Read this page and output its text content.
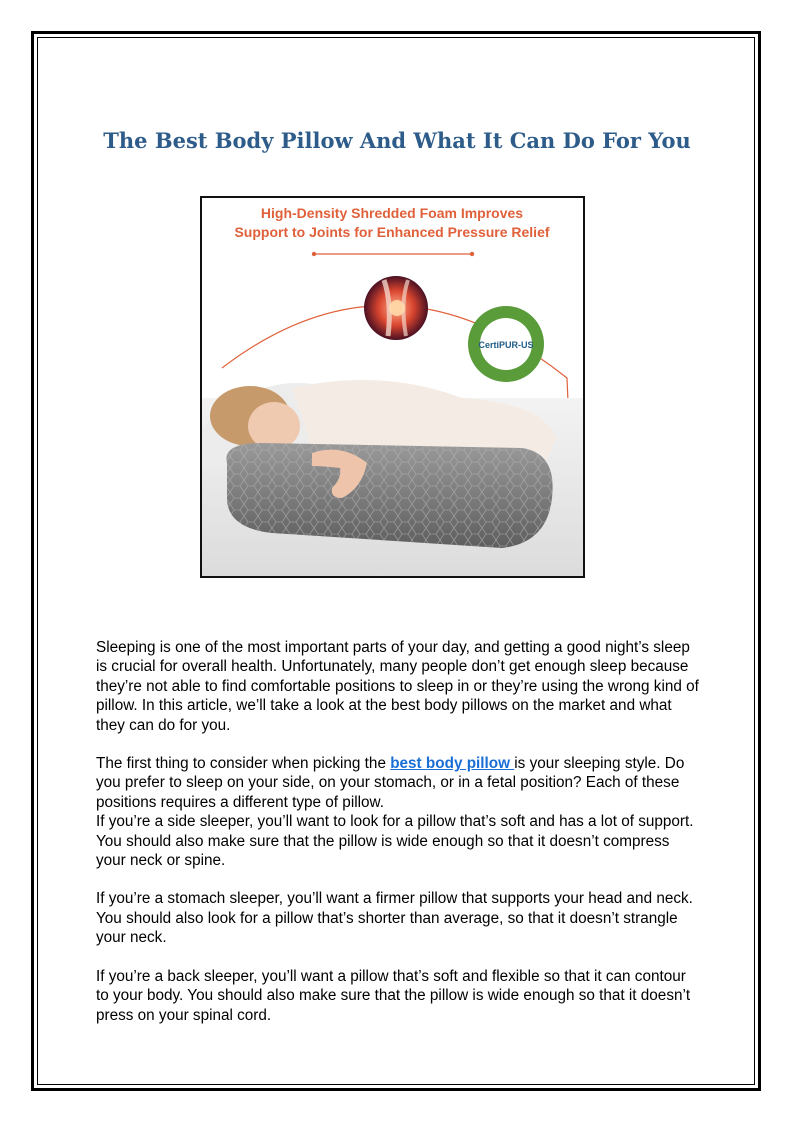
The Best Body Pillow And What It Can Do For You
High-Density Shredded Foam Improves
Support to Joints for Enhanced Pressure Relief
CertiPUR-US

Sleeping is one of the most important parts of your day, and getting a good night’s sleep is crucial for overall health. Unfortunately, many people don’t get enough sleep because they’re not able to find comfortable positions to sleep in or they’re using the wrong kind of pillow. In this article, we’ll take a look at the best body pillows on the market and what they can do for you.

The first thing to consider when picking the best body pillow is your sleeping style. Do you prefer to sleep on your side, on your stomach, or in a fetal position? Each of these positions requires a different type of pillow.

If you’re a side sleeper, you’ll want to look for a pillow that’s soft and has a lot of support. You should also make sure that the pillow is wide enough so that it doesn’t compress your neck or spine.

If you’re a stomach sleeper, you’ll want a firmer pillow that supports your head and neck. You should also look for a pillow that’s shorter than average, so that it doesn’t strangle your neck.

If you’re a back sleeper, you’ll want a pillow that’s soft and flexible so that it can contour to your body. You should also make sure that the pillow is wide enough so that it doesn’t press on your spinal cord.
